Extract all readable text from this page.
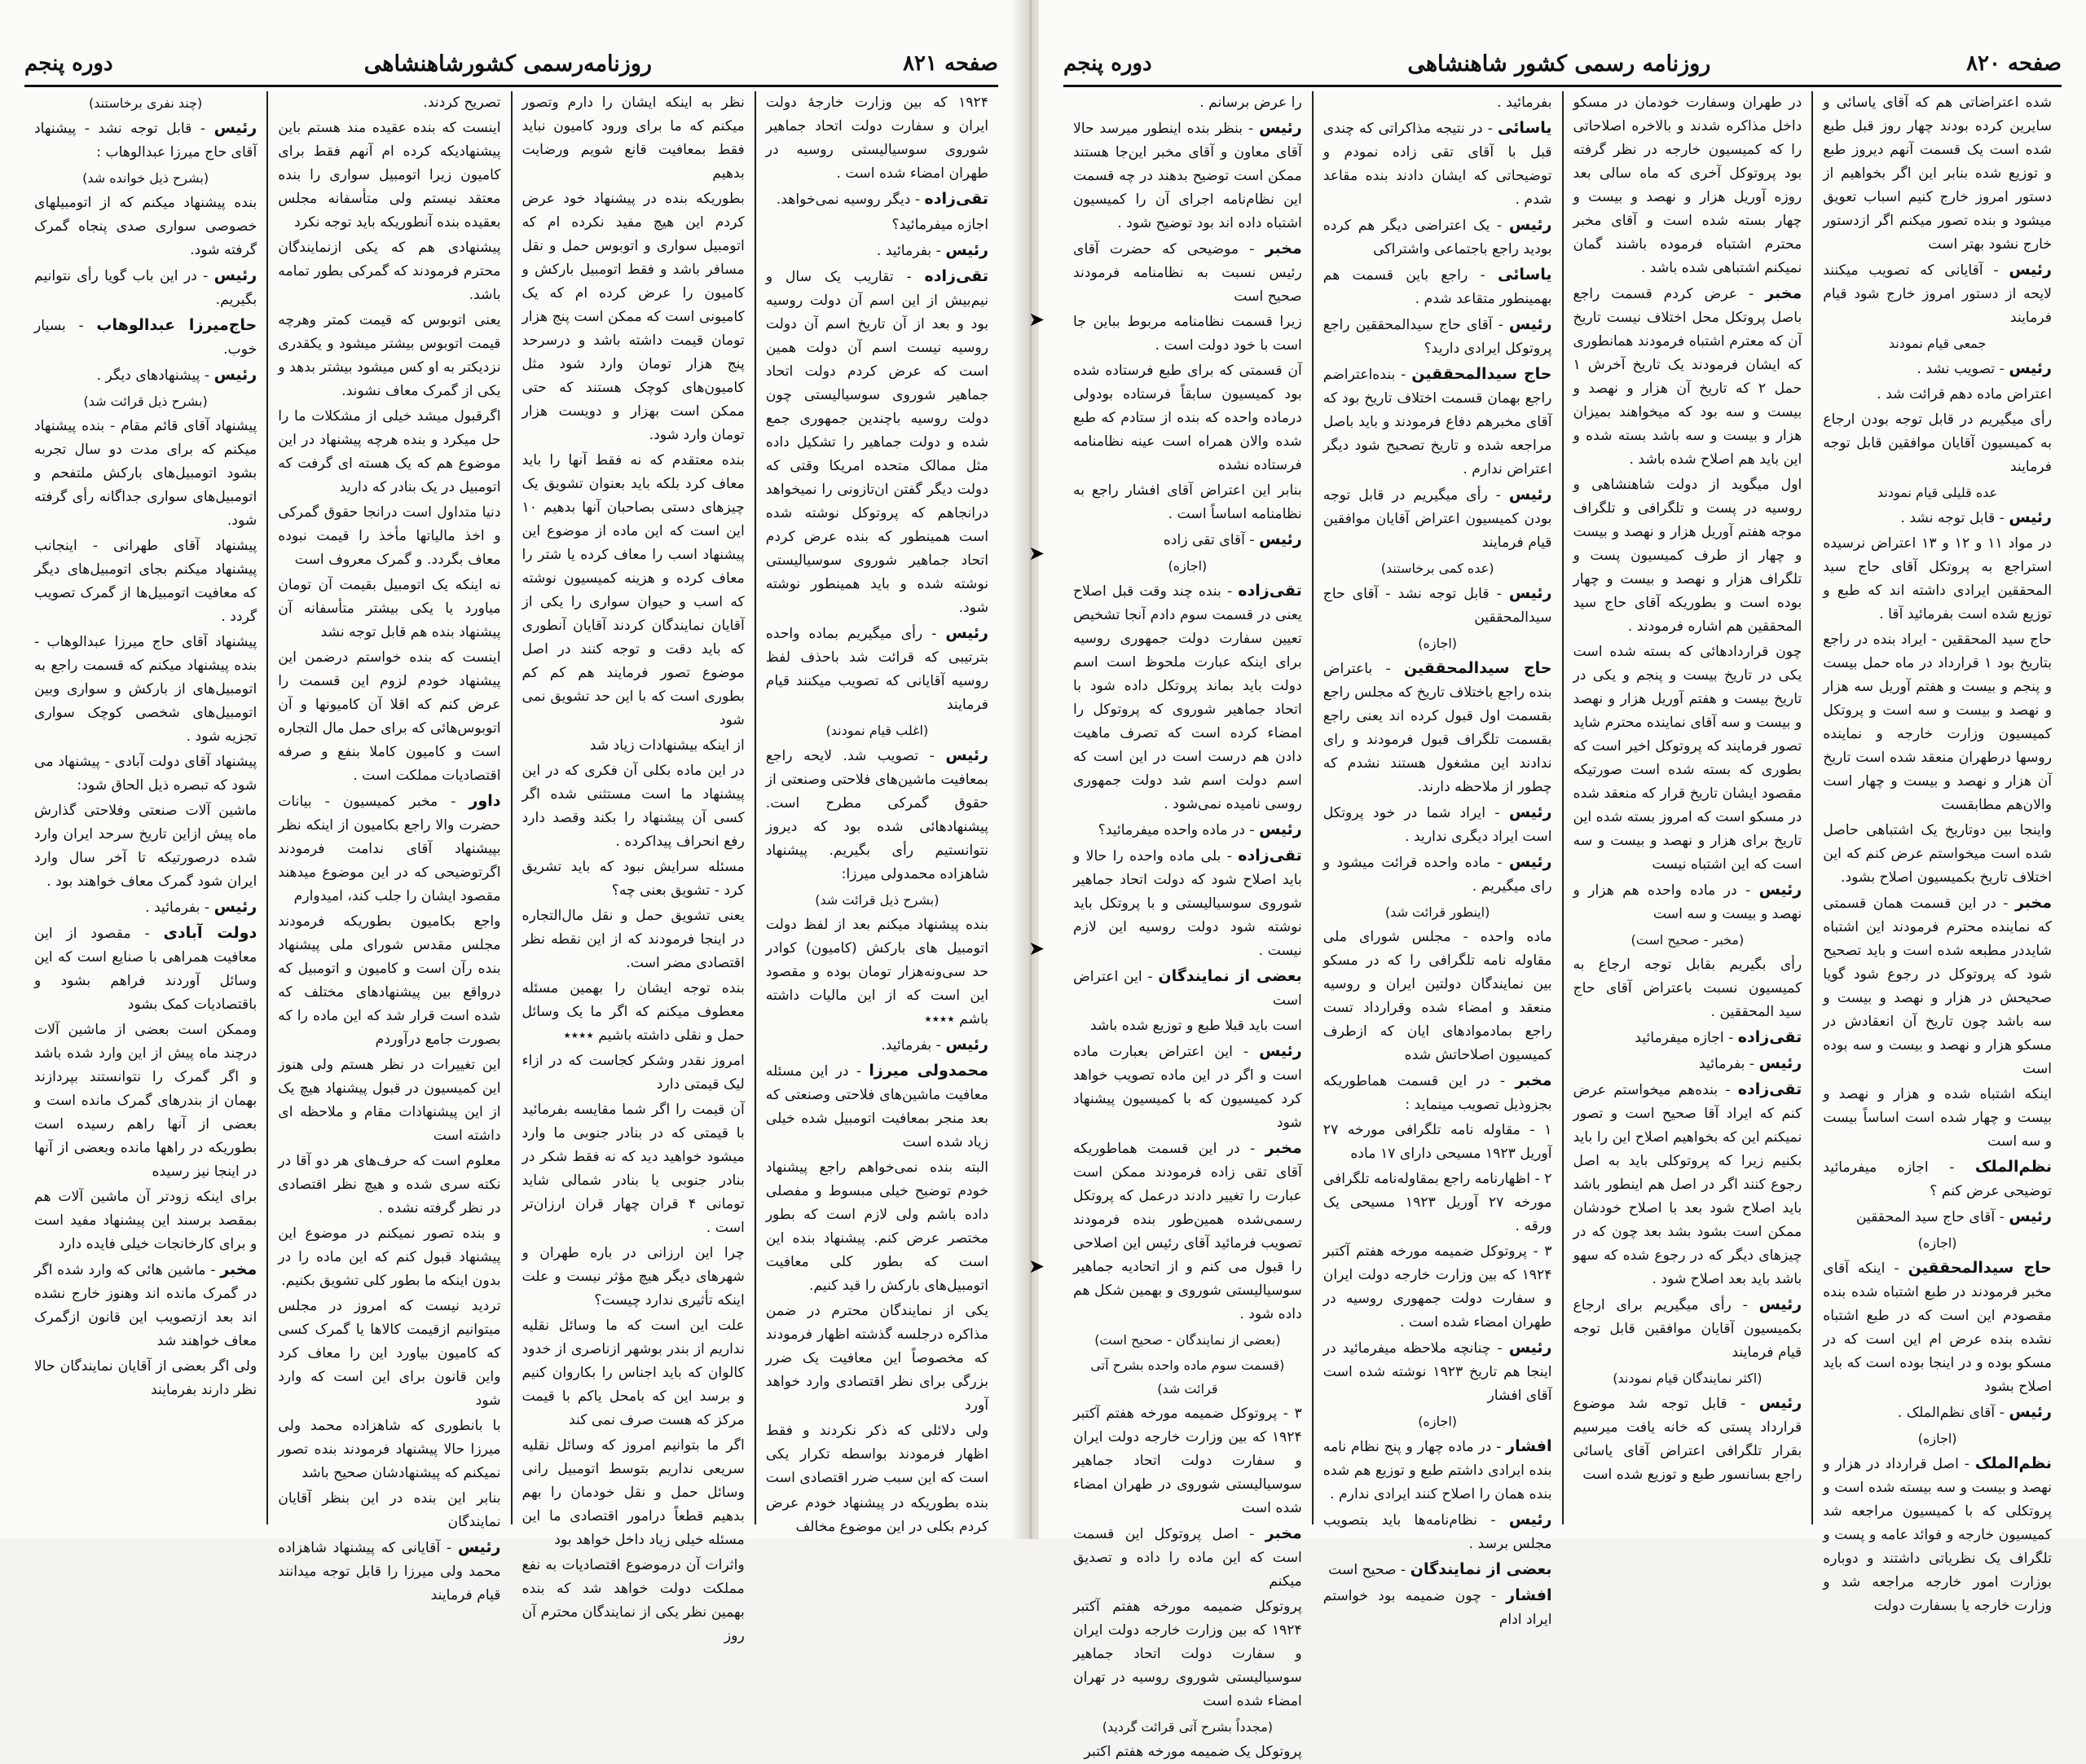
صفحه ۸۲۱
روزنامه‌رسمی کشورشاهنشاهی
دوره پنجم

۱۹۲۴ که بین وزارت خارجهٔ دولت ایران و سفارت دولت اتحاد جماهیر شوروی سوسیالیستی روسیه در طهران امضاء شده است .

تقی‌زاده - دیگر روسیه نمی‌خواهد.

اجازه میفرمائید؟

رئیس - بفرمائید .

تقی‌زاده - تقاریب یک سال و نیم‌بیش از این اسم آن دولت روسیه بود و بعد از آن تاریخ اسم آن دولت روسیه نیست اسم آن دولت همین است که عرض کردم دولت اتحاد جماهیر شوروی سوسیالیستی چون دولت روسیه باچندین جمهوری جمع شده و دولت جماهیر را تشکیل داده مثل ممالک متحده امریکا وقتی که دولت دیگر گفتن ان‌تازونی را نمیخواهد درانجاهم که پروتوکل نوشته شده است همینطور که بنده عرض کردم اتحاد جماهیر شوروی سوسیالیستی نوشته شده و باید همینطور نوشته شود.

رئیس - رأی میگیریم بماده واحده بترتیبی که قرائت شد باحذف لفظ روسیه آقایانی که تصویب میکنند قیام فرمایند

(اغلب قیام نمودند)

رئیس - تصویب شد. لایحه راجع بمعافیت ماشین‌های فلاحتی وصنعتی از حقوق گمرکی مطرح است. پیشنهادهائی شده بود که دیروز نتوانستیم رأی بگیریم. پیشنهاد شاهزاده محمدولی میرزا:

(بشرح ذیل قرائت شد)

بنده پیشنهاد میکنم بعد از لفظ دولت اتومبیل های بارکش (کامیون) کوادر حد سی‌ونه‌هزار تومان بوده و مقصود این است که از این مالیات داشته باشم ٭٭٭٭

رئیس - بفرمائید.

محمدولی میرزا - در این مسئله معافیت ماشین‌های فلاحتی وصنعتی که بعد منجر بمعافیت اتومبیل شده خیلی زیاد شده است

البته بنده نمی‌خواهم راجع پیشنهاد خودم توضیح خیلی مبسوط و مفصلی داده باشم ولی لازم است که بطور مختصر عرض کنم. پیشنهاد بنده این است که بطور کلی معافیت اتومبیل‌های بارکش را قید کنیم.

یکی از نمایندگان محترم در ضمن مذاکره درجلسه گذشته اظهار فرمودند که مخصوصاً این معافیت یک ضرر بزرگی برای نظر اقتصادی وارد خواهد آورد

ولی دلائلی که ذکر نکردند و فقط اظهار فرمودند بواسطه تکرار یکی است که این سبب ضرر اقتصادی است

بنده بطوریکه در پیشنهاد خودم عرض کردم بکلی در این موضوع مخالف

نظر به اینکه ایشان را دارم وتصور میکنم که ما برای ورود کامیون نباید فقط بمعافیت قانع شویم ورضایت بدهیم

بطوریکه بنده در پیشنهاد خود عرض کردم این هیچ مفید نکرده ام که اتومبیل سواری و اتوبوس حمل و نقل مسافر باشد و فقط اتومبیل بارکش و کامیون را عرض کرده ام که یک کامیونی است که ممکن است پنج هزار تومان قیمت داشته باشد و درسرحد پنج هزار تومان وارد شود مثل کامیون‌های کوچک هستند که حتی ممکن است بهزار و دویست هزار تومان وارد شود.

بنده معتقدم که نه فقط آنها را باید معاف کرد بلکه باید بعنوان تشویق یک چیزهای دستی بصاحبان آنها بدهیم ۱۰ این است که این ماده از موضوع این پیشنهاد اسب را معاف کرده یا شتر را معاف کرده و هزینه کمیسیون نوشته که اسب و حیوان سواری را یکی از آقایان نمایندگان کردند آقایان آنطوری که باید دقت و توجه کنند در اصل موضوع تصور فرمایند هم کم کم بطوری است که با این حد تشویق نمی شود

از اینکه بیشنهادات زیاد شد

در این ماده بکلی آن فکری که در این پیشنهاد ما است مستثنی شده اگر کسی آن پیشنهاد را بکند وقصد دارد رفع انحراف پیداکرده .

مسئله سرایش نبود که باید تشریق کرد - تشویق بعنی چه؟

یعنی تشویق حمل و نقل مال‌التجاره در اینجا فرمودند که از این نقطه نظر اقتصادی مضر است.

بنده توجه ایشان را بهمین مسئله معطوف میکنم که اگر ما یک وسائل حمل و نقلی داشته باشیم ٭٭٭٭

امروز نقدر وشکر کجاست که در ازاء لیک قیمتی دارد

آن قیمت را اگر شما مقایسه بفرمائید با قیمتی که در بنادر جنوبی ما وارد میشود خواهید دید که نه فقط شکر در بنادر جنوبی یا بنادر شمالی شاید تومانی ۴ قران چهار قران ارزان‌تر است .

چرا این ارزانی در باره طهران و شهرهای دیگر هیچ مؤثر نیست و علت اینکه تأثیری ندارد چیست؟

علت این است که ما وسائل نقلیه نداریم از بندر بوشهر ازناصری از خدود کالوان که باید اجناس را بکاروان کنیم و برسد این که بامحل یاکم با قیمت مرکز که هست صرف نمی کند

اگر ما بتوانیم امروز که وسائل نقلیه سریعی نداریم بتوسط اتومبیل رانی وسائل حمل و نقل خودمان را بهم بدهیم قطعاً درامور اقتصادی ما این مسئله خیلی زیاد داخل خواهد بود

واثرات آن درموضوع اقتصادیات به نفع مملکت دولت خواهد شد که بنده بهمین نظر یکی از نمایندگان محترم آن روز

تصریح کردند.

اینست که بنده عقیده مند هستم باین پیشنهادیکه کرده ام آنهم فقط برای کامیون زیرا اتومبیل سواری را بنده معتقد نیستم ولی متأسفانه مجلس بعقیده بنده آنطوریکه باید توجه نکرد

پیشنهادی هم که یکی ازنمایندگان محترم فرمودند که گمرکی بطور تمامه باشد.

یعنی اتوبوس که قیمت کمتر وهرچه قیمت اتوبوس بیشتر میشود و یکقدری نزدیکتر به او کس میشود بیشتر بدهد و یکی از گمرک معاف نشوند.

اگرقبول میشد خیلی از مشکلات ما را حل میکرد و بنده هرچه پیشنهاد در این موضوع هم که یک هسته ای گرفت که اتومبیل در یک بنادر که دارید

دنیا متداول است درانجا حقوق گمرکی و اخذ مالیاتها مأخذ را قیمت نبوده معاف بگردد. و گمرک معروف است

نه اینکه یک اتومبیل بقیمت آن تومان میاورد یا یکی بیشتر متأسفانه آن پیشنهاد بنده هم قابل توجه نشد

اینست که بنده خواستم درضمن این پیشنهاد خودم لزوم این قسمت را عرض کنم که اقلا آن کامیونها و آن اتوبوس‌هائی که برای حمل مال التجاره است و کامیون کاملا بنفع و صرفه اقتصادیات مملکت است .

داور - مخبر کمیسیون - بیانات حضرت والا راجع بکامیون از اینکه نظر بپیشنهاد آقای ندامت فرمودند اگرتوضیحی که در این موضوع میدهند مقصود ایشان را جلب کند، امیدوارم

واجع بکامیون بطوریکه فرمودند مجلس مقدس شورای ملی پیشنهاد بنده رآن است و کامیون و اتومبیل که درواقع بین پیشنهادهای مختلف که شده است قرار شد که این ماده را که بصورت جامع درآوردم

این تغییرات در نظر هستم ولی هنوز این کمیسیون در قبول پیشنهاد هیچ یک از این پیشنهادات مقام و ملاحظه ای داشته است

معلوم است که حرف‌های هر دو آقا در نکته سری شده و هیچ نظر اقتصادی در نظر گرفته نشده .

و بنده تصور نمیکنم در موضوع این پیشنهاد قبول کنم که این ماده را در بدون اینکه ما بطور کلی تشویق بکنیم.

تردید نیست که امروز در مجلس میتوانیم ازقیمت کالاها یا گمرک کسی که کامیون بیاورد این را معاف کرد واین قانون برای این است که وارد شود

با بانطوری که شاهزاده محمد ولی میرزا حالا پیشنهاد فرمودند بنده تصور نمیکنم که پیشنهادشان صحیح باشد

بنابر این بنده در این بنظر آقایان نمایندگان

رئیس - آقایانی که پیشنهاد شاهزاده محمد ولی میرزا را قابل توجه میدانند قیام فرمایند

(چند نفری برخاستند)

رئیس - قابل توجه نشد - پیشنهاد آقای حاج میرزا عبدالوهاب :

(بشرح ذیل خوانده شد)

بنده پیشنهاد میکنم که از اتومبیلهای خصوصی سواری صدی پنجاه گمرک گرفته شود.

رئیس - در این باب گویا رأی نتوانیم بگیریم.

حاج‌میرزا عبدالوهاب - بسیار خوب.

رئیس - پیشنهادهای دیگر .

(بشرح ذیل قرائت شد)

پیشنهاد آقای قائم مقام - بنده پیشنهاد میکنم که برای مدت دو سال تجربه بشود اتومبیل‌های بارکش ملتفحم و اتومبیل‌های سواری جداگانه رأی گرفته شود.

پیشنهاد آقای طهرانی - اینجانب پیشنهاد میکنم بجای اتومبیل‌های دیگر که معافیت اتومبیل‌ها از گمرک تصویب گردد .

پیشنهاد آقای حاج میرزا عبدالوهاب - بنده پیشنهاد میکنم که قسمت راجع به اتومبیل‌های از بارکش و سواری وبین اتومبیل‌های شخصی کوچک سواری تجزیه شود .

پیشنهاد آقای دولت آبادی - پیشنهاد می شود که تبصره ذیل الحاق شود:

ماشین آلات صنعتی وفلاحتی گذارش ماه پیش ازاین تاریخ سرحد ایران وارد شده درصورتیکه تا آخر سال وارد ایران شود گمرک معاف خواهند بود .

رئیس - بفرمائید .

دولت آبادی - مقصود از این معافیت همراهی با صنایع است که این وسائل آوردند فراهم بشود و باقتصادیات کمک بشود

وممکن است بعضی از ماشین آلات درچند ماه پیش از این وارد شده باشد و اگر گمرک را نتوانستند بپردازند بهمان از بندرهای گمرک مانده است و بعضی از آنها راهم رسیده است بطوریکه در راهها مانده وبعضی از آنها در اینجا نیز رسیده

برای اینکه زودتر آن ماشین آلات هم بمقصد برسند این پیشنهاد مفید است و برای کارخانجات خیلی فایده دارد

مخبر - ماشین هائی که وارد شده اگر در گمرک مانده اند وهنوز خارج نشده اند بعد ازتصویب این قانون ازگمرک معاف خواهند شد

ولی اگر بعضی از آقایان نمایندگان حالا نظر دارند بفرمایند

صفحه ۸۲۰
روزنامه رسمی کشور شاهنشاهی
دوره پنجم

شده اعتراضاتی هم که آقای یاسائی و سایرین کرده بودند چهار روز قبل طبع شده است یک قسمت آنهم دیروز طبع و توزیع شده بنابر این اگر بخواهیم از دستور امروز خارج کنیم اسباب تعویق میشود و بنده تصور میکنم اگر ازدستور خارج نشود بهتر است

رئیس - آقایانی که تصویب میکنند لایحه از دستور امروز خارج شود قیام فرمایند

جمعی قیام نمودند

رئیس - تصویب نشد .

اعتراض ماده دهم قرائت شد .

رأی میگیریم در قابل توجه بودن ارجاع به کمیسیون آقایان موافقین قابل توجه فرمایند

عده قلیلی قیام نمودند

رئیس - قابل توجه نشد .

در مواد ۱۱ و ۱۲ و ۱۳ اعتراض نرسیده استراجع به پروتکل آقای حاج سید المحققین ایرادی داشته اند که طبع و توزیع شده است بفرمائید آقا .

حاج سید المحققین - ایراد بنده در راجع بتاریخ بود ۱ قرارداد در ماه حمل بیست و پنجم و بیست و هفتم آوریل سه هزار و نهصد و بیست و سه است و پروتکل کمیسیون وزارت خارجه و نماینده روسها درطهران منعقد شده است تاریخ آن هزار و نهصد و بیست و چهار است والان‌هم مطابقست

واینجا بین دوتاریخ یک اشتباهی حاصل شده است میخواستم عرض کنم که این اختلاف تاریخ بکمیسیون اصلاح بشود.

مخبر - در این قسمت همان قسمتی که نماینده محترم فرمودند این اشتباه شایددر مطبعه شده است و باید تصحیح شود که پروتوکل در رجوع شود گویا صحیحش در هزار و نهصد و بیست و سه باشد چون تاریخ آن انعقادش در مسکو هزار و نهصد و بیست و سه بوده است

اینکه اشتباه شده و هزار و نهصد و بیست و چهار شده است اساساً بیست و سه است

نظم‌الملک - اجازه میفرمائید توضیحی عرض کنم ؟

رئیس - آقای حاج سید المحققین

(اجازه)

حاج سیدالمحققین - اینکه آقای مخبر فرمودند در طبع اشتباه شده بنده مقصودم این است که در طبع اشتباه نشده بنده عرض ام این است که در مسکو بوده و در اینجا بوده است که باید اصلاح بشود

رئیس - آقای نظم‌الملک .

(اجازه)

نظم‌الملک - اصل قرارداد در هزار و نهصد و بیست و سه بیسته شده است و پروتکلی که با کمیسیون مراجعه شد کمیسیون خارجه و فوائد عامه و پست و تلگراف یک نظریاتی داشتند و دوباره بوزارت امور خارجه مراجعه شد و وزارت خارجه یا بسفارت دولت

در طهران وسفارت خودمان در مسکو داخل مذاکره شدند و بالاخره اصلاحاتی را که کمیسیون خارجه در نظر گرفته بود پروتوکل آخری که ماه سالی بعد روزه آوریل هزار و نهصد و بیست و چهار بسته شده است و آقای مخبر محترم اشتباه فرموده باشند گمان نمیکنم اشتباهی شده باشد .

مخبر - عرض کردم قسمت راجع باصل پروتکل محل اختلاف نیست تاریخ آن که معترم اشتباه فرمودند همانطوری که ایشان فرمودند یک تاریخ آخرش ۱ حمل ۲ که تاریخ آن هزار و نهصد و بیست و سه بود که میخواهند بمیزان هزار و بیست و سه باشد بسته شده و این باید هم اصلاح شده باشد .

اول میگوید از دولت شاهنشاهی و روسیه در پست و تلگرافی و تلگراف موجه هفتم آوریل هزار و نهصد و بیست و چهار از طرف کمیسیون پست و تلگراف هزار و نهصد و بیست و چهار بوده است و بطوریکه آقای حاج سید المحققین هم اشاره فرمودند .

چون قراردادهائی که بسته شده است یکی در تاریخ بیست و پنجم و یکی در تاریخ بیست و هفتم آوریل هزار و نهصد و بیست و سه آقای نماینده محترم شاید تصور فرمایند که پروتوکل اخیر است که بطوری که بسته شده است صورتیکه مقصود ایشان تاریخ قرار که منعقد شده در مسکو است که امروز بسته شده این تاریخ برای هزار و نهصد و بیست و سه است که این اشتباه نیست

رئیس - در ماده واحده هم هزار و نهصد و بیست و سه است

(مخبر - صحیح است)

رأی بگیریم بقابل توجه ارجاع به کمیسیون نسبت باعتراض آقای حاج سید المحققین .

تقی‌زاده - اجازه میفرمائید

رئیس - بفرمائید

تقی‌زاده - بنده‌هم میخواستم عرض کنم که ایراد آقا صحیح است و تصور نمیکنم این که بخواهیم اصلاح این را باید بکنیم زیرا که پروتوکلی باید به اصل رجوع کنند اگر در اصل هم اینطور باشد باید اصلاح شود بعد با اصلاح خودشان ممکن است بشود بشد بعد چون که در چیزهای دیگر که در رجوع شده که سهو باشد باید بعد اصلاح شود .

رئیس - رأی میگیریم برای ارجاع بکمیسیون آقایان موافقین قابل توجه قیام فرمایند

(اکثر نمایندگان قیام نمودند)

رئیس - قابل توجه شد موضوع قرارداد پستی که خانه یافت میرسیم بقرار تلگرافی اعتراض آقای یاسائی راجع بسانسور طبع و توزیع شده است

بفرمائید .

یاسائی - در نتیجه مذاکراتی که چندی قبل با آقای تقی زاده نمودم و توضیحاتی که ایشان دادند بنده مقاعد شدم .

رئیس - یک اعتراضی دیگر هم کرده بودید راجع باجتماعی واشتراکی

یاسائی - راجع باین قسمت هم بهمینطور متقاعد شدم .

رئیس - آقای حاج سیدالمحققین راجع پروتوکل ایرادی دارید؟

حاج سیدالمحققین - بنده‌اعتراضم راجع بهمان قسمت اختلاف تاریخ بود که آقای مخبرهم دفاع فرمودند و باید باصل مراجعه شده و تاریخ تصحیح شود دیگر اعتراض ندارم .

رئیس - رأی میگیریم در قابل توجه بودن کمیسیون اعتراض آقایان موافقین قیام فرمایند

(عده کمی برخاستند)

رئیس - قابل توجه نشد - آقای حاج سیدالمحققین

(اجازه)

حاج سیدالمحققین - باعتراض بنده راجع باختلاف تاریخ که مجلس راجع بقسمت اول قبول کرده اند یعنی راجع بقسمت تلگراف قبول فرمودند و رای ندادند این مشغول هستند نشدم که چطور از ملاحظه دارند.

رئیس - ایراد شما در خود پروتکل است ایراد دیگری ندارید .

رئیس - ماده واحده قرائت میشود و رای میگیریم .

(اینطور قرائت شد)

ماده واحده - مجلس شورای ملی مقاوله نامه تلگرافی را که در مسکو بین نمایندگان دولتین ایران و روسیه منعقد و امضاء شده وقرارداد تست راجع بمادموادهای ایان که ازطرف کمیسیون اصلاحاتش شده

مخبر - در این قسمت هماطوریکه بجزوذیل تصویب مینماید :

۱ - مقاوله نامه تلگرافی مورخه ۲۷ آوریل ۱۹۲۳ مسیحی دارای ۱۷ ماده

۲ - اظهارنامه راجع بمقاوله‌نامه تلگرافی مورخه ۲۷ آوریل ۱۹۲۳ مسیحی یک ورقه .

۳ - پروتوکل ضمیمه مورخه هفتم آکتبر ۱۹۲۴ که بین وزارت خارجه دولت ایران و سفارت دولت جمهوری روسیه در طهران امضاء شده است .

رئیس - چنانچه ملاحظه میفرمائید در اینجا هم تاریخ ۱۹۲۳ نوشته شده است آقای افشار

(اجازه)

افشار - در ماده چهار و پنج نظام نامه بنده ایرادی داشتم طبع و توزیع هم شده بنده همان را اصلاح کنند ایرادی ندارم .

رئیس - نظام‌نامه‌ها باید بتصویب مجلس برسد .

بعضی از نمایندگان - صحیح است

افشار - چون ضمیمه بود خواستم ایراد ادام

را عرض برسانم .

رئیس - بنظر بنده اینطور میرسد حالا آقای معاون و آقای مخبر این‌جا هستند ممکن است توضیح بدهند در چه قسمت این نظام‌نامه اجرای آن را کمیسیون اشتباه داده اند بود توضیح شود .

مخبر - موضیحی که حضرت آقای رئیس نسبت به نظامنامه فرمودند صحیح است

زیرا قسمت نظامنامه مربوط بباین جا است با خود دولت است .

آن قسمتی که برای طبع فرستاده شده بود کمیسیون سابقاً فرستاده بودولی درماده واحده که بنده از ستادم که طبع شده والان همراه است عینه نظامنامه فرستاده نشده

بنابر این اعتراض آقای افشار راجع به نظامنامه اساساً است .

رئیس - آقای تقی زاده

(اجازه)

تقی‌زاده - بنده چند وقت قبل اصلاح یعنی در قسمت سوم دادم آنجا تشخیص تعیین سفارت دولت جمهوری روسیه برای اینکه عبارت ملحوظ است اسم دولت باید بماند پروتکل داده شود با اتحاد جماهیر شوروی که پروتوکل را امضاء کرده است که تصرف ماهیت دادن هم درست است در این است که اسم دولت اسم شد دولت جمهوری روسی نامیده نمی‌شود .

رئیس - در ماده واحده میفرمائید؟

تقی‌زاده - بلی ماده واحده را حالا و باید اصلاح شود که دولت اتحاد جماهیر شوروی سوسیالیستی و با پروتکل باید نوشته شود دولت روسیه این لازم نیست .

بعضی از نمایندگان - این اعتراض است

است باید قبلا طبع و توزیع شده باشد

رئیس - این اعتراض بعبارت ماده است و اگر در این ماده تصویب خواهد کرد کمیسیون که با کمیسیون پیشنهاد شود

مخبر - در این قسمت هماطوریکه آقای تقی زاده فرمودند ممکن است عبارت را تغییر دادند درعمل که پروتکل رسمی‌شده همین‌طور بنده فرمودند تصویب فرمائید آقای رئیس این اصلاحی را قبول می کنم و از اتحادیه جماهیر سوسیالیستی شوروی و بهمین شکل هم داده شود .

(بعضی از نمایندگان - صحیح است)

(قسمت سوم ماده واحده بشرح آتی قرائت شد)

۳ - پروتوکل ضمیمه مورخه هفتم آکتبر ۱۹۲۴ که بین وزارت خارجه دولت ایران و سفارت دولت اتحاد جماهیر سوسیالیستی شوروی در طهران امضاء شده است

مخبر - اصل پروتوکل این قسمت است که این ماده را داده و تصدیق میکنم

پروتوکل ضمیمه مورخه هفتم آکتبر ۱۹۲۴ که بین وزارت خارجه دولت ایران و سفارت دولت اتحاد جماهیر سوسیالیستی شوروی روسیه در تهران امضاء شده است

(مجدداً بشرح آتی قرائت گردید)

پروتوکل یک ضمیمه مورخه هفتم اکتبر

➤
➤
➤
➤
